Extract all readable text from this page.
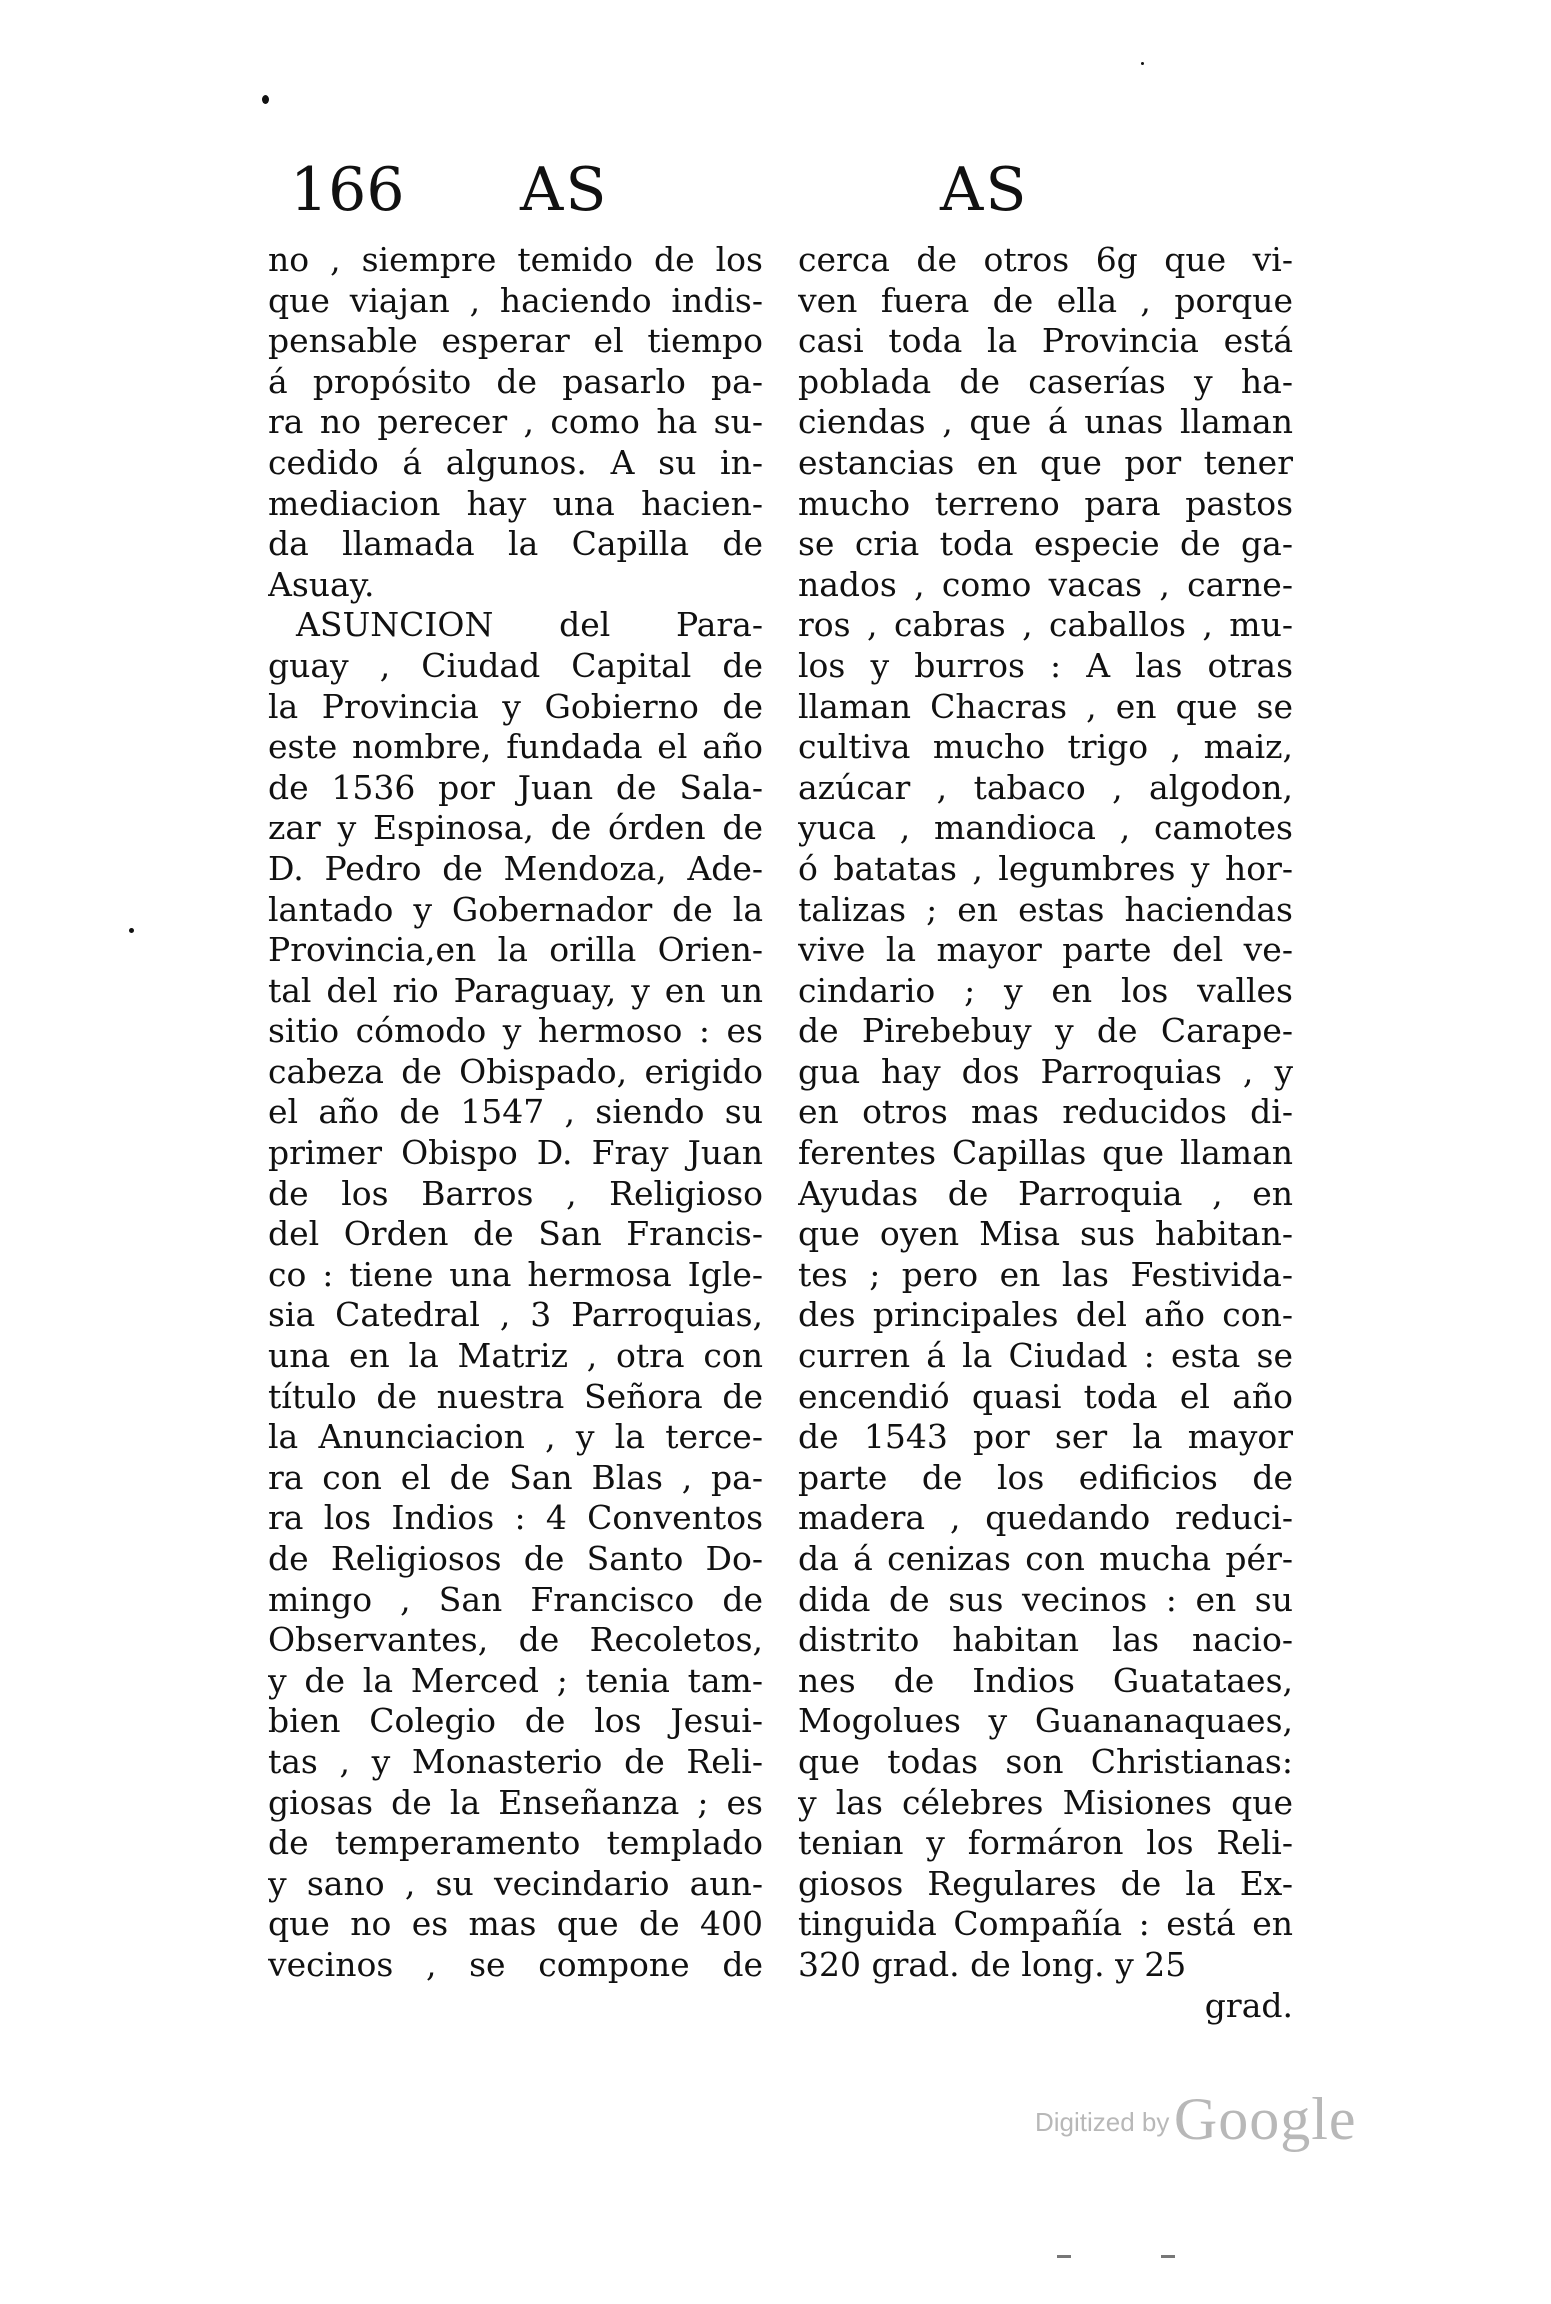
166 AS	AS
no , siempre temido de los
que viajan , haciendo indis-
pensable esperar el tiempo
á propósito de pasarlo pa-
ra no perecer , como ha su-
cedido á algunos. A su in-
mediacion hay una hacien-
da llamada la Capilla de
Asuay.
ASUNCION del Para-
guay , Ciudad Capital de
la Provincia y Gobierno de
este nombre, fundada el año
de 1536 por Juan de Sala-
zar y Espinosa, de órden de
D. Pedro de Mendoza, Ade-
lantado y Gobernador de la
Provincia,en la orilla Orien-
tal del rio Paraguay, y en un
sitio cómodo y hermoso : es
cabeza de Obispado, erigido
el año de 1547 , siendo su
primer Obispo D. Fray Juan
de los Barros , Religioso
del Orden de San Francis-
co : tiene una hermosa Igle-
sia Catedral , 3 Parroquias,
una en la Matriz , otra con
título de nuestra Señora de
la Anunciacion , y la terce-
ra con el de San Blas , pa-
ra los Indios : 4 Conventos
de Religiosos de Santo Do-
mingo , San Francisco de
Observantes, de Recoletos,
y de la Merced ; tenia tam-
bien Colegio de los Jesui-
tas , y Monasterio de Reli-
giosas de la Enseñanza ; es
de temperamento templado
y sano , su vecindario aun-
que no es mas que de 400
vecinos , se compone de
cerca de otros 6g que vi-
ven fuera de ella , porque
casi toda la Provincia está
poblada de caserías y ha-
ciendas , que á unas llaman
estancias en que por tener
mucho terreno para pastos
se cria toda especie de ga-
nados , como vacas , carne-
ros , cabras , caballos , mu-
los y burros : A las otras
llaman Chacras , en que se
cultiva mucho trigo , maiz,
azúcar , tabaco , algodon,
yuca , mandioca , camotes
ó batatas , legumbres y hor-
talizas ; en estas haciendas
vive la mayor parte del ve-
cindario ; y en los valles
de Pirebebuy y de Carape-
gua hay dos Parroquias , y
en otros mas reducidos di-
ferentes Capillas que llaman
Ayudas de Parroquia , en
que oyen Misa sus habitan-
tes ; pero en las Festivida-
des principales del año con-
curren á la Ciudad : esta se
encendió quasi toda el año
de 1543 por ser la mayor
parte de los edificios de
madera , quedando reduci-
da á cenizas con mucha pér-
dida de sus vecinos : en su
distrito habitan las nacio-
nes de Indios Guatataes,
Mogolues y Guananaquaes,
que todas son Christianas:
y las célebres Misiones que
tenian y formáron los Reli-
giosos Regulares de la Ex-
tinguida Compañía : está en
320 grad. de long. y 25
grad.
Digitized by Google
